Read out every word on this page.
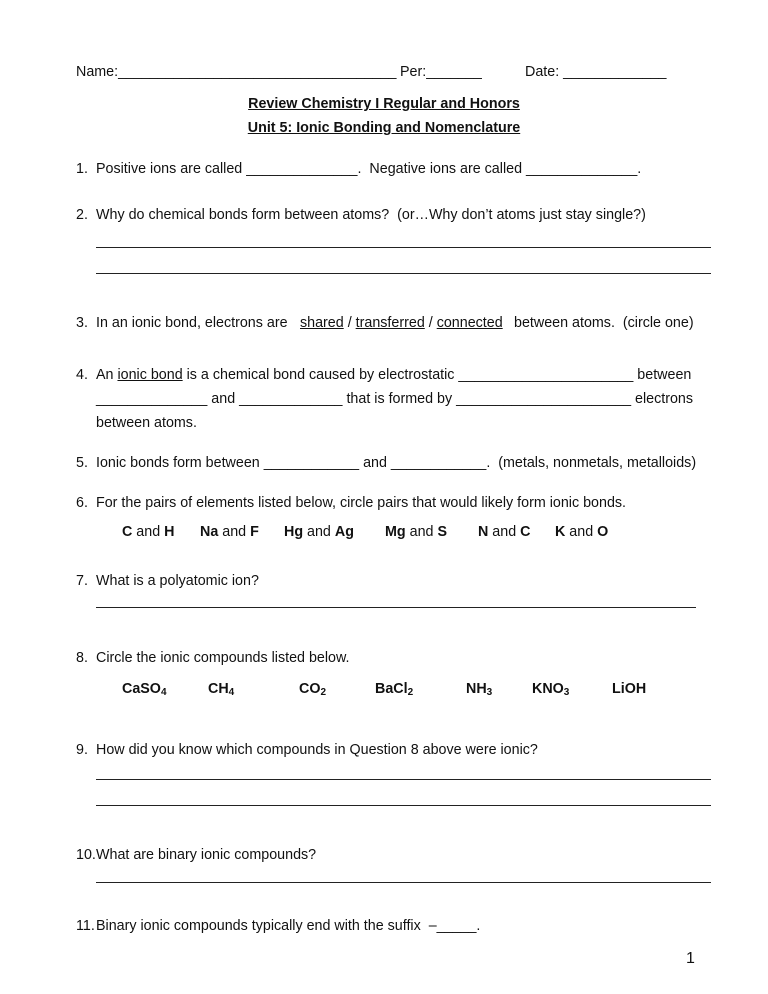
Name:___________________________________ Per:_______	Date: _____________
Review Chemistry I Regular and Honors
Unit 5: Ionic Bonding and Nomenclature
1. Positive ions are called ______________.  Negative ions are called ______________.
2. Why do chemical bonds form between atoms?  (or…Why don’t atoms just stay single?)
3. In an ionic bond, electrons are shared / transferred / connected between atoms.  (circle one)
4. An ionic bond is a chemical bond caused by electrostatic ______________________ between
______________ and _____________ that is formed by ______________________ electrons
between atoms.
5. Ionic bonds form between ____________ and ____________.  (metals, nonmetals, metalloids)
6. For the pairs of elements listed below, circle pairs that would likely form ionic bonds.
C and H Na and F Hg and Ag Mg and S N and C K and O
7. What is a polyatomic ion?
8. Circle the ionic compounds listed below.
CaSO$_4$	$CH_4$	$CO_2$	BaCl$_2$	$NH_3$	$KNO_3$	LiOH
9. How did you know which compounds in Question 8 above were ionic?
10. What are binary ionic compounds?
11. Binary ionic compounds typically end with the suffix  –_____.
1
